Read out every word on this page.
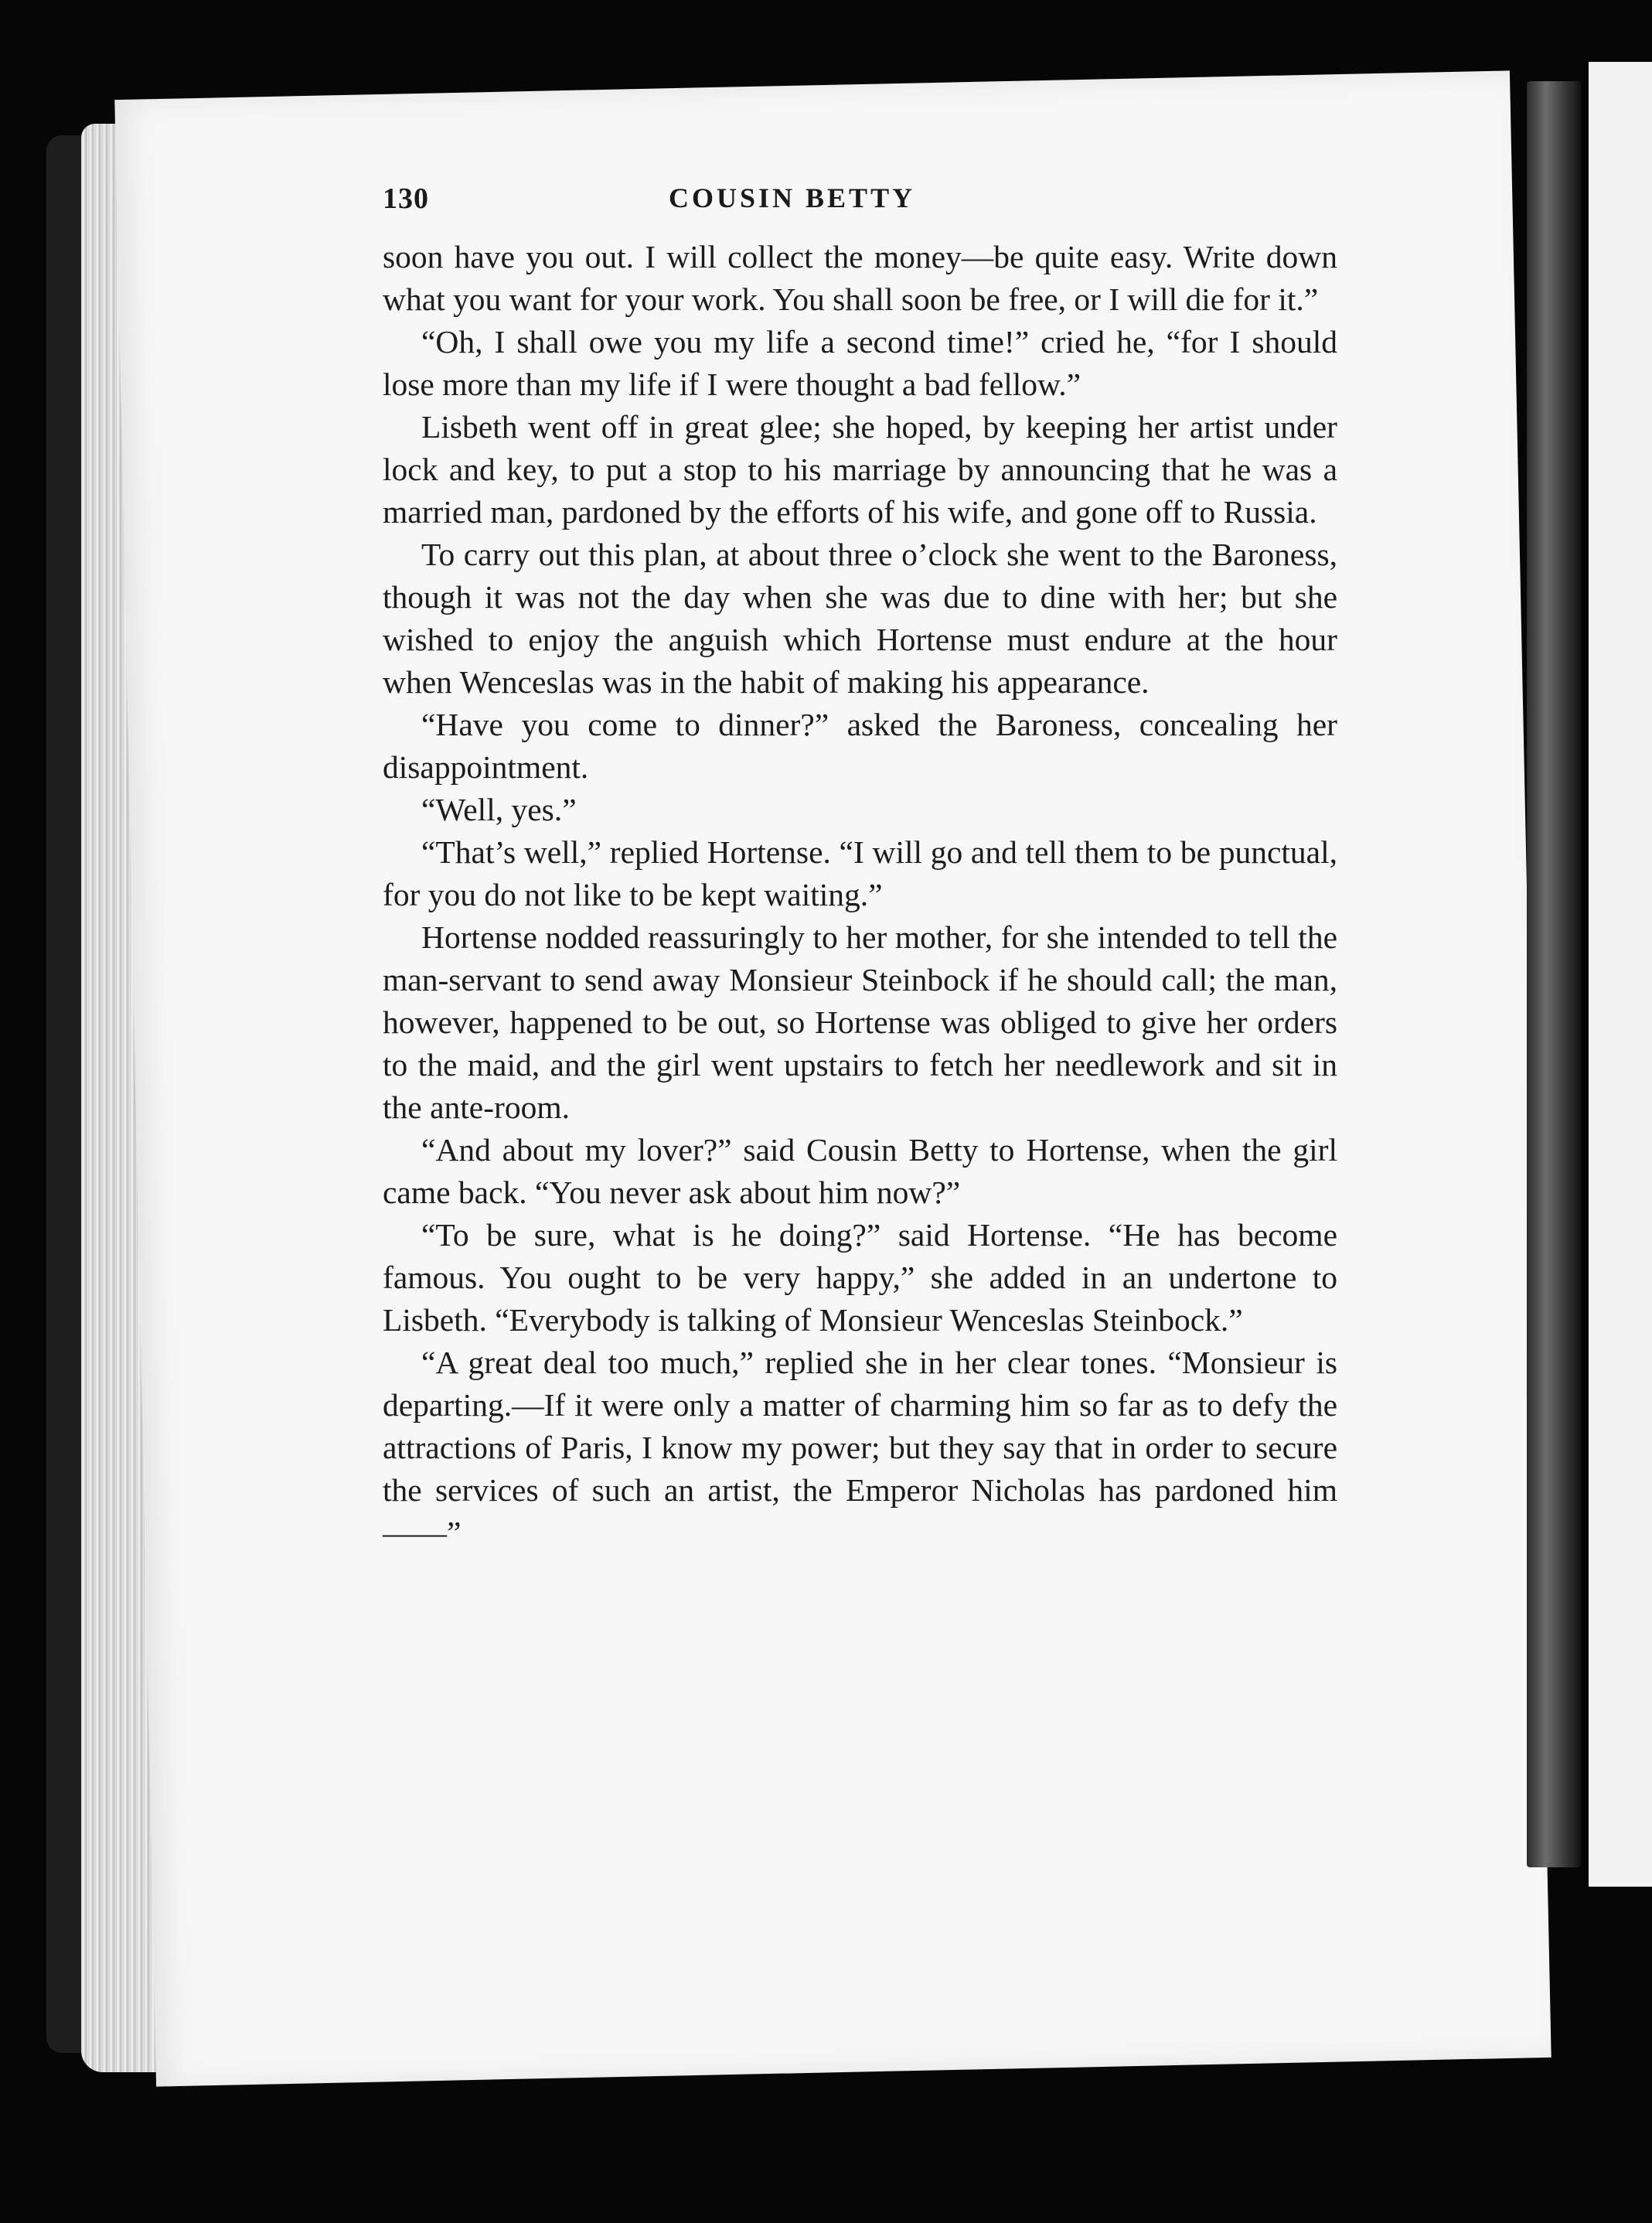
130	COUSIN BETTY

soon have you out. I will collect the money—be quite easy. Write down what you want for your work. You shall soon be free, or I will die for it.”

“Oh, I shall owe you my life a second time!” cried he, “for I should lose more than my life if I were thought a bad fellow.”

Lisbeth went off in great glee; she hoped, by keeping her artist under lock and key, to put a stop to his marriage by announcing that he was a married man, pardoned by the efforts of his wife, and gone off to Russia.

To carry out this plan, at about three o’clock she went to the Baroness, though it was not the day when she was due to dine with her; but she wished to enjoy the anguish which Hortense must endure at the hour when Wenceslas was in the habit of making his appearance.

“Have you come to dinner?” asked the Baroness, concealing her disappointment.

“Well, yes.”

“That’s well,” replied Hortense. “I will go and tell them to be punctual, for you do not like to be kept waiting.”

Hortense nodded reassuringly to her mother, for she intended to tell the man-servant to send away Monsieur Steinbock if he should call; the man, however, happened to be out, so Hortense was obliged to give her orders to the maid, and the girl went upstairs to fetch her needlework and sit in the ante-room.

“And about my lover?” said Cousin Betty to Hortense, when the girl came back. “You never ask about him now?”

“To be sure, what is he doing?” said Hortense. “He has become famous. You ought to be very happy,” she added in an undertone to Lisbeth. “Everybody is talking of Monsieur Wenceslas Steinbock.”

“A great deal too much,” replied she in her clear tones. “Monsieur is departing.—If it were only a matter of charming him so far as to defy the attractions of Paris, I know my power; but they say that in order to secure the services of such an artist, the Emperor Nicholas has pardoned him——”
